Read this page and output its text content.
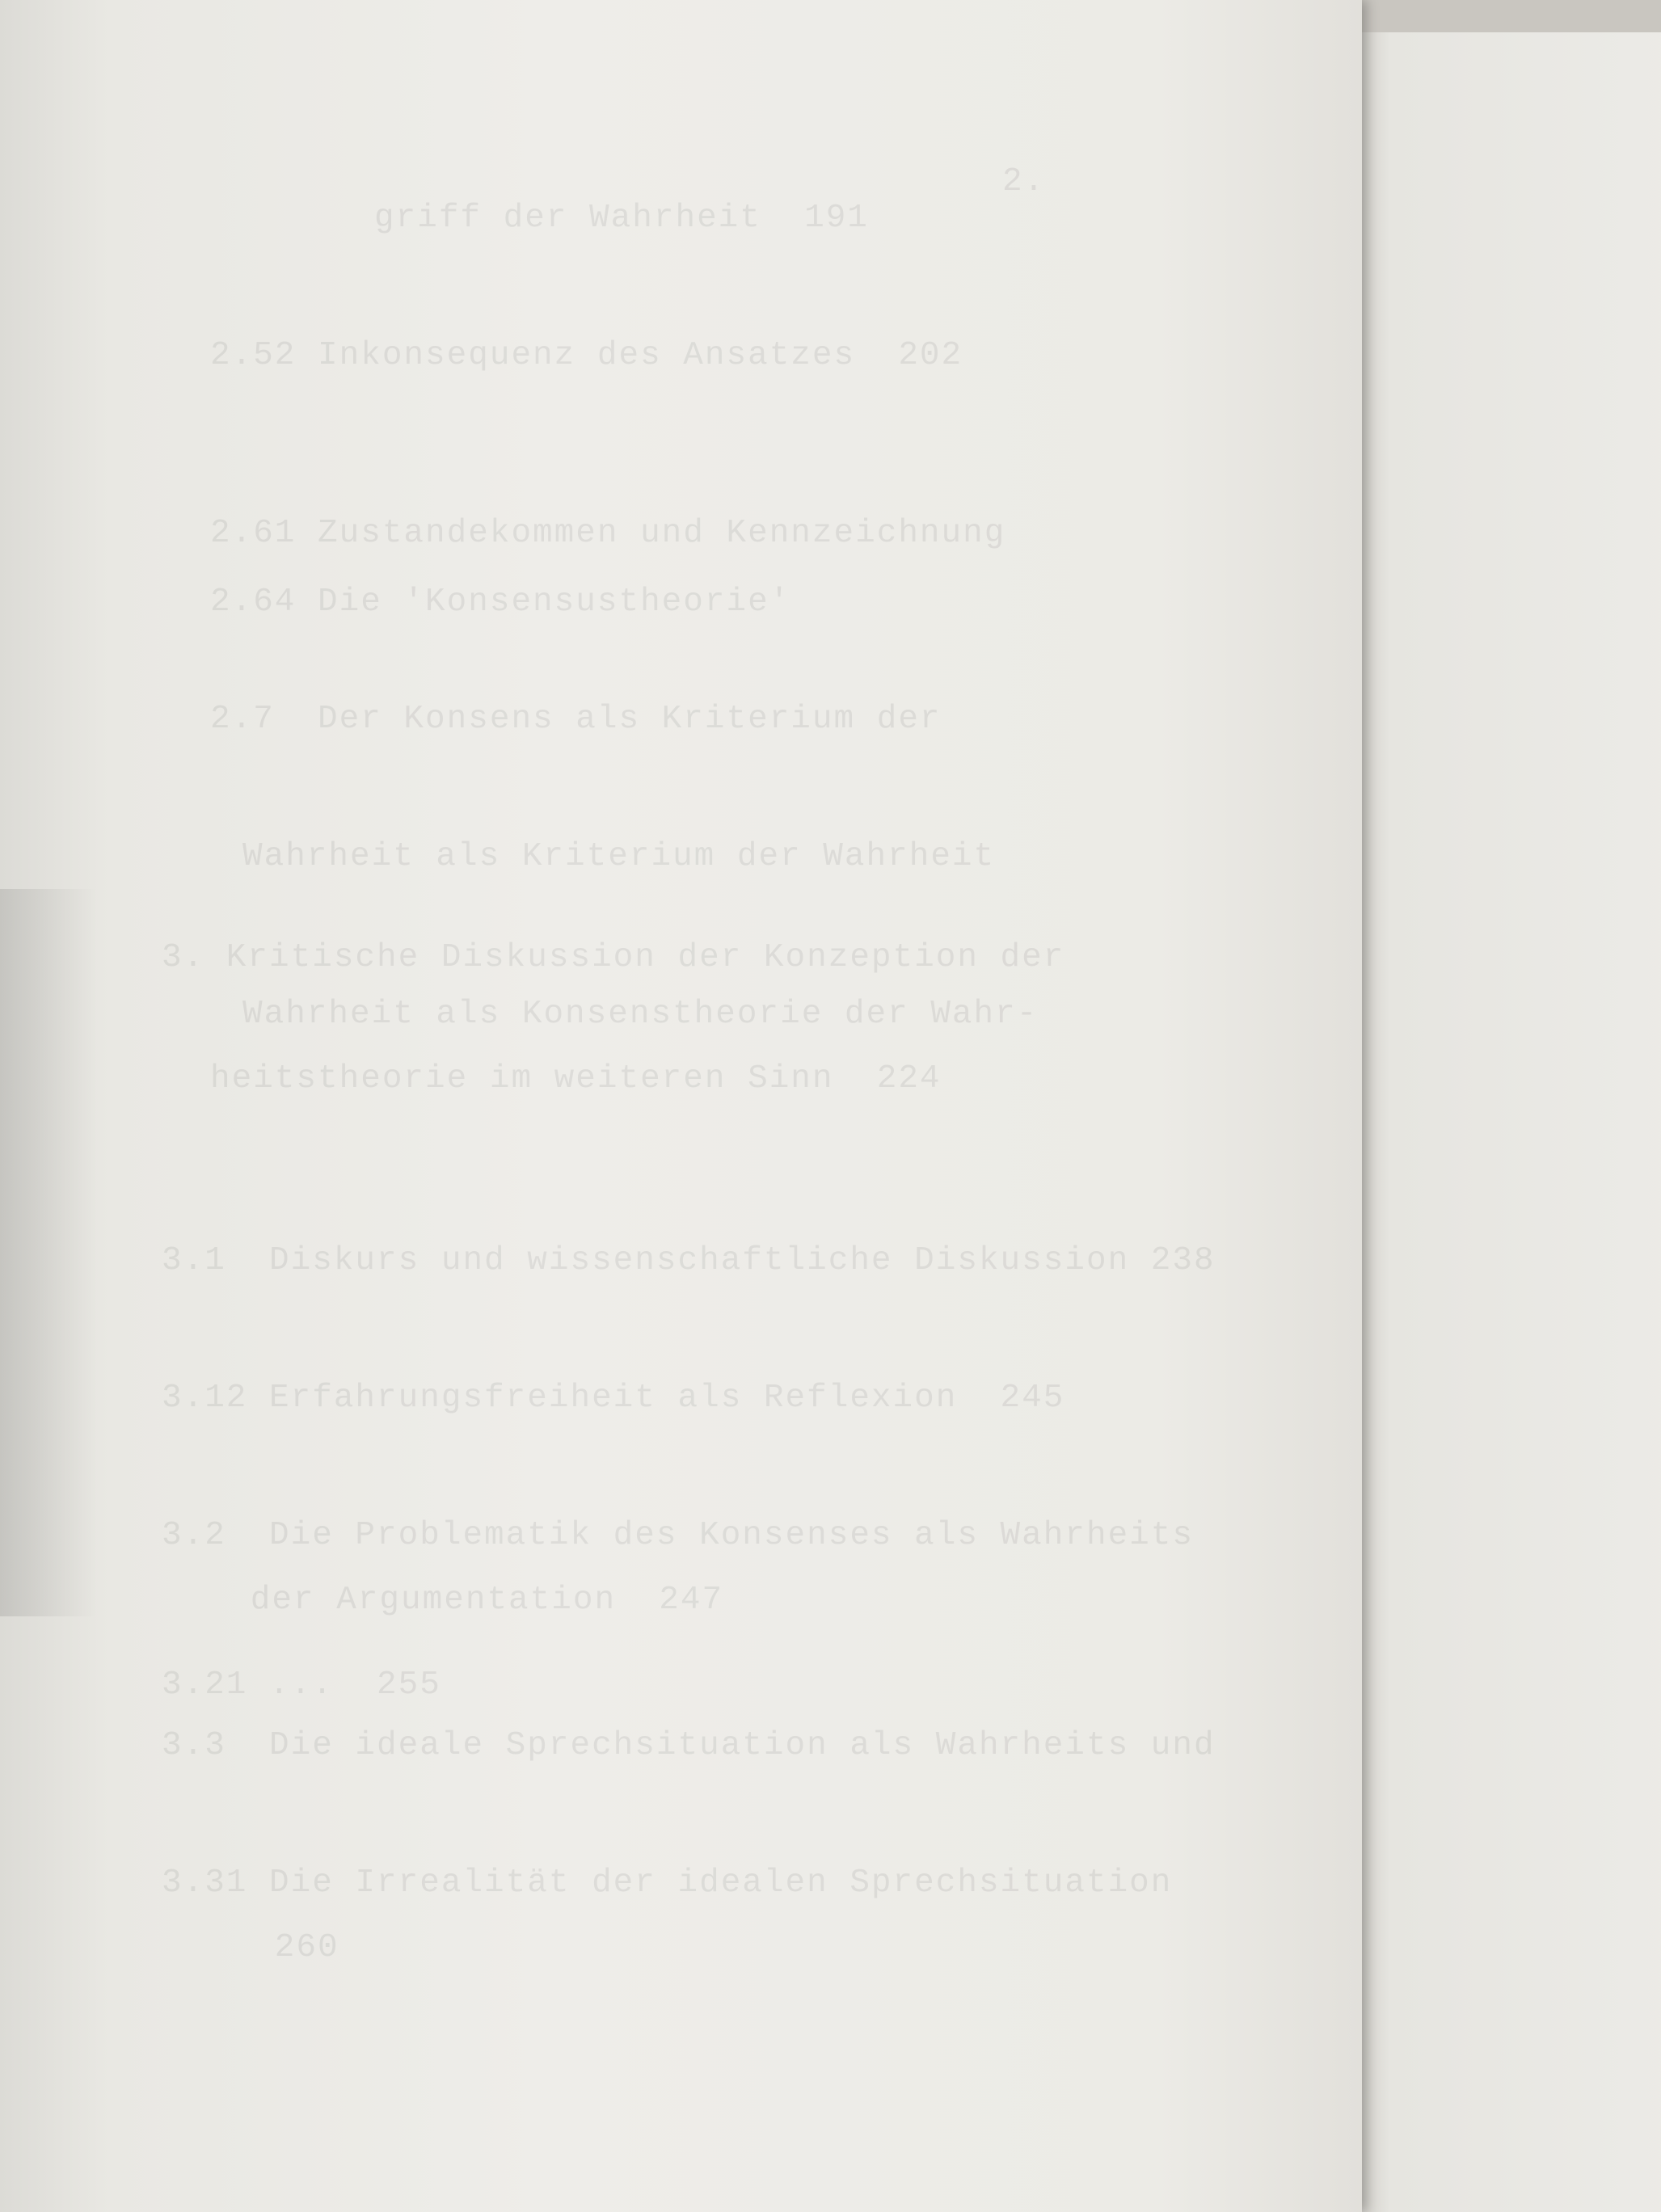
2.
griff der Wahrheit  191
2.52 Inkonsequenz des Ansatzes  202
2.61 Zustandekommen und Kennzeichnung
2.64 Die 'Konsensustheorie'
2.7  Der Konsens als Kriterium der
Wahrheit als Kriterium der Wahrheit
3. Kritische Diskussion der Konzeption der
Wahrheit als Konsenstheorie der Wahr-
heitstheorie im weiteren Sinn  224
3.1  Diskurs und wissenschaftliche Diskussion 238
3.12 Erfahrungsfreiheit als Reflexion  245
3.2  Die Problematik des Konsenses als Wahrheits
der Argumentation  247
3.21 ...  255
3.3  Die ideale Sprechsituation als Wahrheits und
3.31 Die Irrealität der idealen Sprechsituation
260
